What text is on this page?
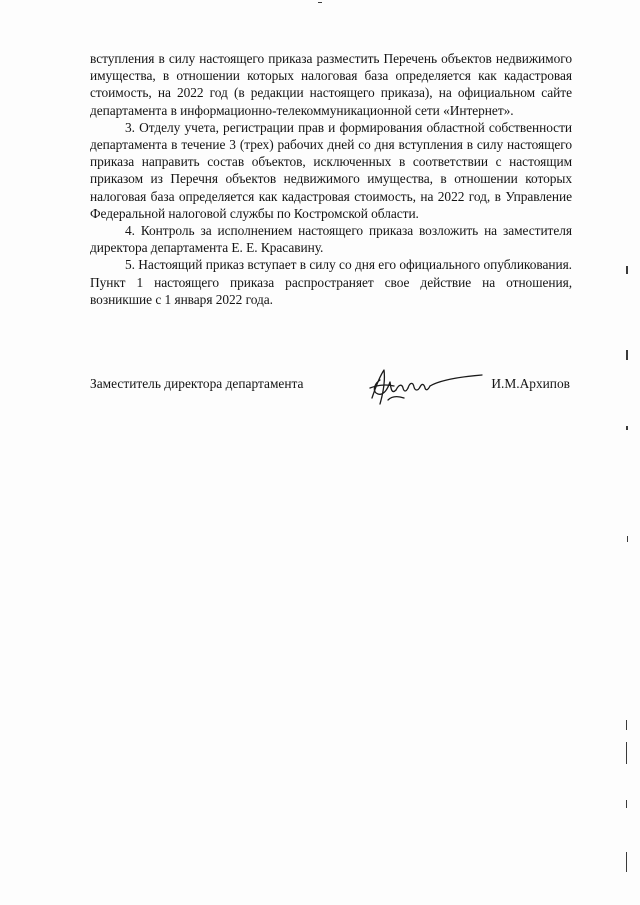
вступления в силу настоящего приказа разместить Перечень объектов недвижимого имущества, в отношении которых налоговая база определяется как кадастровая стоимость, на 2022 год (в редакции настоящего приказа), на официальном сайте департамента в информационно-телекоммуникационной сети «Интернет».

3. Отделу учета, регистрации прав и формирования областной собственности департамента в течение 3 (трех) рабочих дней со дня вступления в силу настоящего приказа направить состав объектов, исключенных в соответствии с настоящим приказом из Перечня объектов недвижимого имущества, в отношении которых налоговая база определяется как кадастровая стоимость, на 2022 год, в Управление Федеральной налоговой службы по Костромской области.

4. Контроль за исполнением настоящего приказа возложить на заместителя директора департамента Е. Е. Красавину.

5. Настоящий приказ вступает в силу со дня его официального опубликования. Пункт 1 настоящего приказа распространяет свое действие на отношения, возникшие с 1 января 2022 года.

Заместитель директора департамента	И.М.Архипов
